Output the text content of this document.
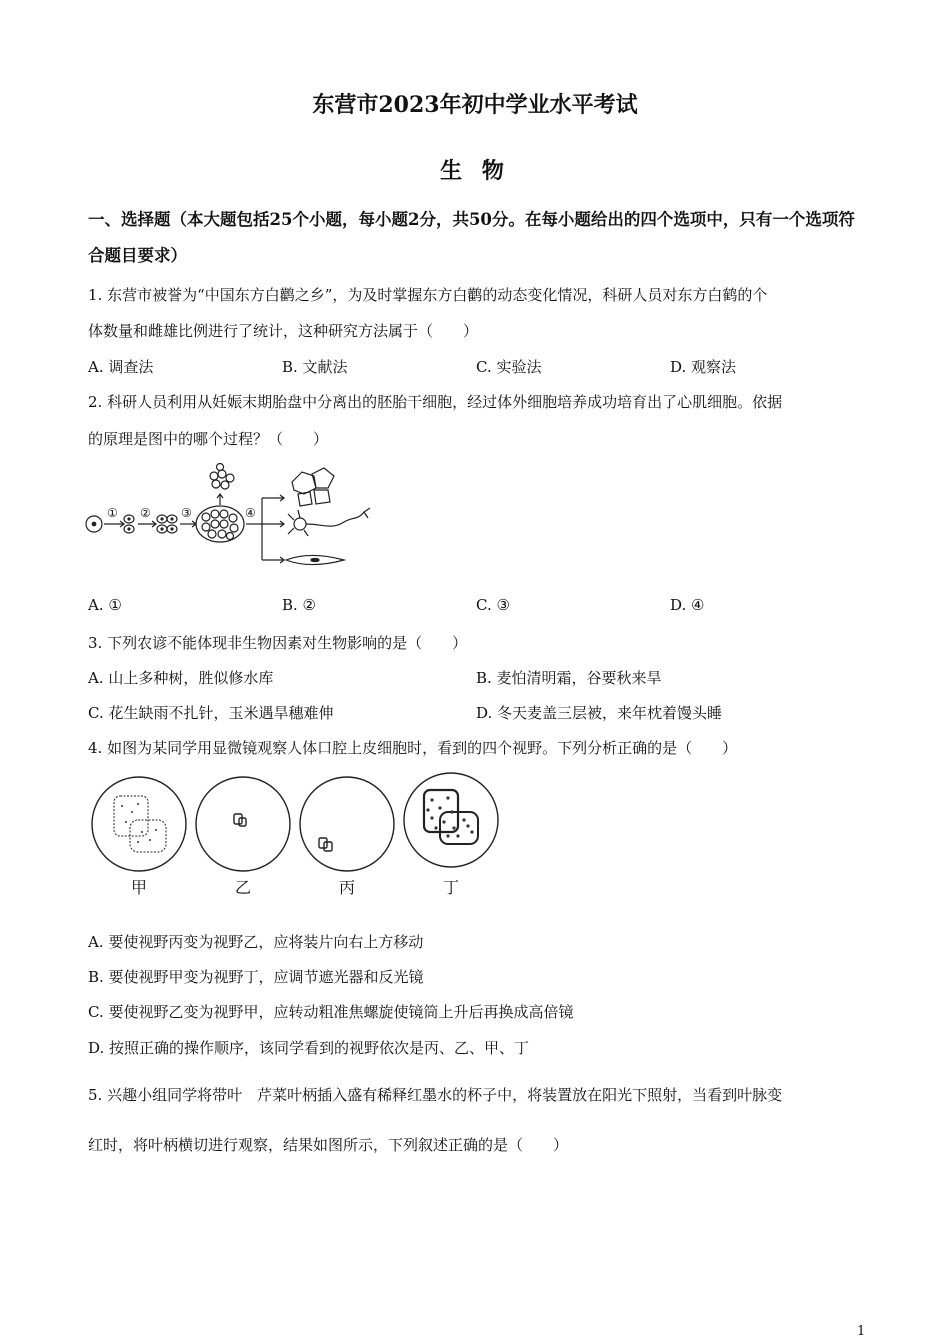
东营市2023年初中学业水平考试
生 物
一、选择题（本大题包括25个小题，每小题2分，共50分。在每小题给出的四个选项中，只有一个选项符合题目要求）
1. 东营市被誉为“中国东方白鹳之乡”，为及时掌握东方白鹳的动态变化情况，科研人员对东方白鹤的个
体数量和雌雄比例进行了统计，这种研究方法属于（　　）
A. 调查法	B. 文献法	C. 实验法	D. 观察法
2. 科研人员利用从妊娠末期胎盘中分离出的胚胎干细胞，经过体外细胞培养成功培育出了心肌细胞。依据
的原理是图中的哪个过程？（　　）
① ②	③	④
A. ①	B. ②	C. ③	D. ④
3. 下列农谚不能体现非生物因素对生物影响的是（　　）
A. 山上多种树，胜似修水库	B. 麦怕清明霜，谷要秋来旱
C. 花生缺雨不扎针，玉米遇旱穗难伸	D. 冬天麦盖三层被，来年枕着馒头睡
4. 如图为某同学用显微镜观察人体口腔上皮细胞时，看到的四个视野。下列分析正确的是（　　）
甲	乙	丙	丁
A. 要使视野丙变为视野乙，应将装片向右上方移动
B. 要使视野甲变为视野丁，应调节遮光器和反光镜
C. 要使视野乙变为视野甲，应转动粗准焦螺旋使镜筒上升后再换成高倍镜
D. 按照正确的操作顺序，该同学看到的视野依次是丙、乙、甲、丁
5. 兴趣小组同学将带叶　芹菜叶柄插入盛有稀释红墨水的杯子中，将装置放在阳光下照射，当看到叶脉变
红时，将叶柄横切进行观察，结果如图所示，下列叙述正确的是（　　）
1
